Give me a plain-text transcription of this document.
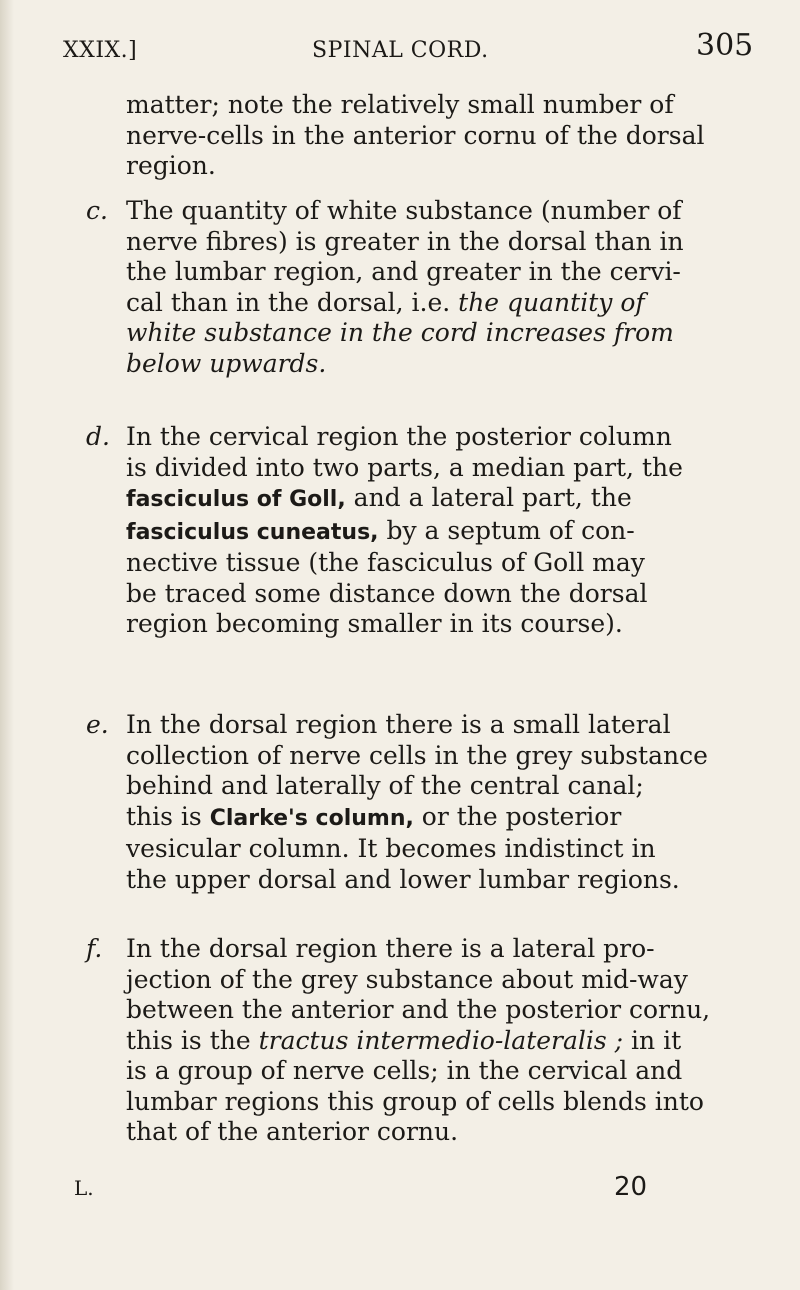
XXIX.]	SPINAL CORD.	305
matter; note the relatively small number of
nerve-cells in the anterior cornu of the dorsal
region.
c. The quantity of white substance (number of
nerve fibres) is greater in the dorsal than in
the lumbar region, and greater in the cervi-
cal than in the dorsal, i.e. the quantity of
white substance in the cord increases from
below upwards.
d. In the cervical region the posterior column
is divided into two parts, a median part, the
fasciculus of Goll, and a lateral part, the
fasciculus cuneatus, by a septum of con-
nective tissue (the fasciculus of Goll may
be traced some distance down the dorsal
region becoming smaller in its course).
e. In the dorsal region there is a small lateral
collection of nerve cells in the grey substance
behind and laterally of the central canal;
this is Clarke's column, or the posterior
vesicular column. It becomes indistinct in
the upper dorsal and lower lumbar regions.
f. In the dorsal region there is a lateral pro-
jection of the grey substance about mid-way
between the anterior and the posterior cornu,
this is the tractus intermedio-lateralis ; in it
is a group of nerve cells; in the cervical and
lumbar regions this group of cells blends into
that of the anterior cornu.
L.	20
